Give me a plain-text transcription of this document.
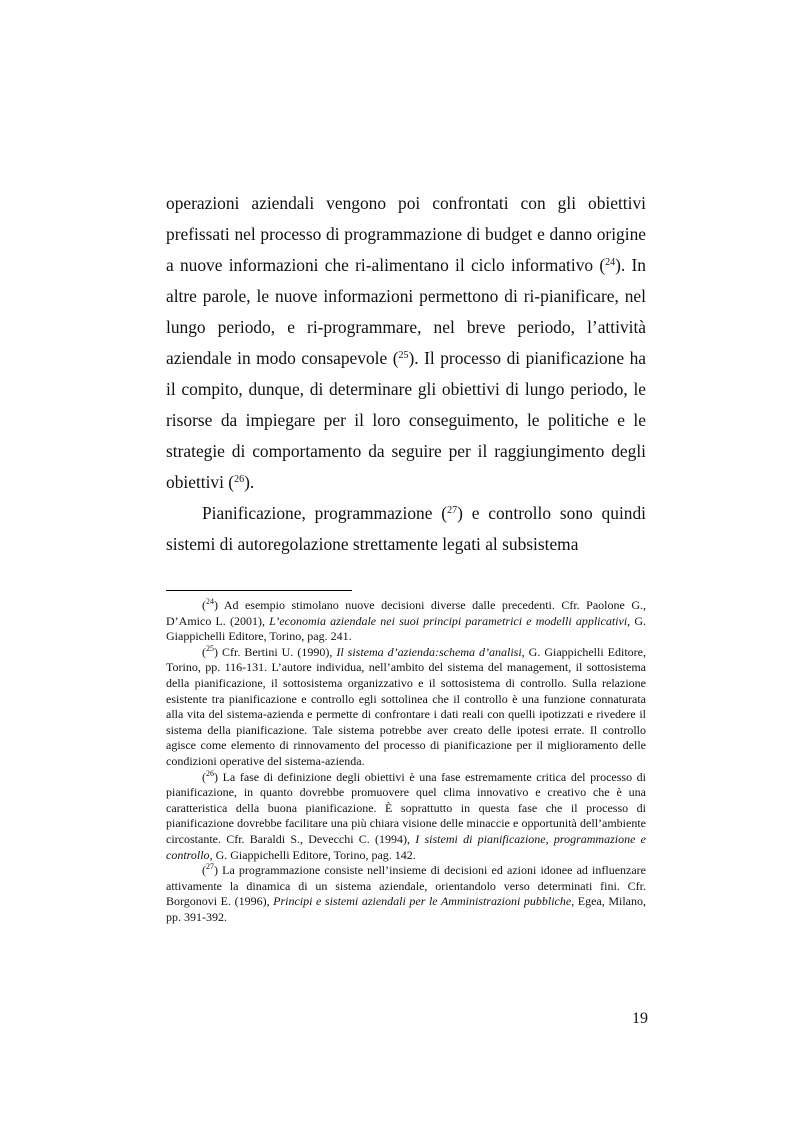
operazioni aziendali vengono poi confrontati con gli obiettivi prefissati nel processo di programmazione di budget e danno origine a nuove informazioni che ri-alimentano il ciclo informativo ($^{24}$). In altre parole, le nuove informazioni permettono di ri-pianificare, nel lungo periodo, e ri-programmare, nel breve periodo, l’attività aziendale in modo consapevole ($^{25}$). Il processo di pianificazione ha il compito, dunque, di determinare gli obiettivi di lungo periodo, le risorse da impiegare per il loro conseguimento, le politiche e le strategie di comportamento da seguire per il raggiungimento degli obiettivi ($^{26}$).

Pianificazione, programmazione ($^{27}$) e controllo sono quindi sistemi di autoregolazione strettamente legati al subsistema

($^{24}$) Ad esempio stimolano nuove decisioni diverse dalle precedenti. Cfr. Paolone G., D’Amico L. (2001), L’economia aziendale nei suoi principi parametrici e modelli applicativi, G. Giappichelli Editore, Torino, pag. 241.

($^{25}$) Cfr. Bertini U. (1990), Il sistema d’azienda:schema d’analisi, G. Giappichelli Editore, Torino, pp. 116-131. L’autore individua, nell’ambito del sistema del management, il sottosistema della pianificazione, il sottosistema organizzativo e il sottosistema di controllo. Sulla relazione esistente tra pianificazione e controllo egli sottolinea che il controllo è una funzione connaturata alla vita del sistema-azienda e permette di confrontare i dati reali con quelli ipotizzati e rivedere il sistema della pianificazione. Tale sistema potrebbe aver creato delle ipotesi errate. Il controllo agisce come elemento di rinnovamento del processo di pianificazione per il miglioramento delle condizioni operative del sistema-azienda.

($^{26}$) La fase di definizione degli obiettivi è una fase estremamente critica del processo di pianificazione, in quanto dovrebbe promuovere quel clima innovativo e creativo che è una caratteristica della buona pianificazione. È soprattutto in questa fase che il processo di pianificazione dovrebbe facilitare una più chiara visione delle minaccie e opportunità dell’ambiente circostante. Cfr. Baraldi S., Devecchi C. (1994), I sistemi di pianificazione, programmazione e controllo, G. Giappichelli Editore, Torino, pag. 142.

($^{27}$) La programmazione consiste nell’insieme di decisioni ed azioni idonee ad influenzare attivamente la dinamica di un sistema aziendale, orientandolo verso determinati fini. Cfr. Borgonovi E. (1996), Principi e sistemi aziendali per le Amministrazioni pubbliche, Egea, Milano, pp. 391-392.

19
